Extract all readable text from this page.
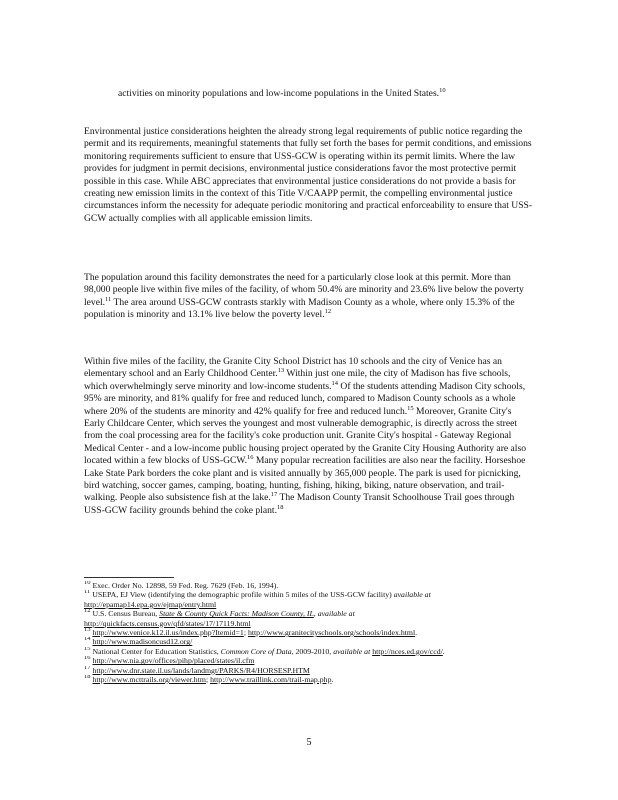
activities on minority populations and low-income populations in the United States.$^{10}$

Environmental justice considerations heighten the already strong legal requirements of public notice regarding the permit and its requirements, meaningful statements that fully set forth the bases for permit conditions, and emissions monitoring requirements sufficient to ensure that USS-GCW is operating within its permit limits. Where the law provides for judgment in permit decisions, environmental justice considerations favor the most protective permit possible in this case. While ABC appreciates that environmental justice considerations do not provide a basis for creating new emission limits in the context of this Title V/CAAPP permit, the compelling environmental justice circumstances inform the necessity for adequate periodic monitoring and practical enforceability to ensure that USS-GCW actually complies with all applicable emission limits.

The population around this facility demonstrates the need for a particularly close look at this permit. More than 98,000 people live within five miles of the facility, of whom 50.4% are minority and 23.6% live below the poverty level.$^{11}$ The area around USS-GCW contrasts starkly with Madison County as a whole, where only 15.3% of the population is minority and 13.1% live below the poverty level.$^{12}$

Within five miles of the facility, the Granite City School District has 10 schools and the city of Venice has an elementary school and an Early Childhood Center.$^{13}$ Within just one mile, the city of Madison has five schools, which overwhelmingly serve minority and low-income students.$^{14}$ Of the students attending Madison City schools, 95% are minority, and 81% qualify for free and reduced lunch, compared to Madison County schools as a whole where 20% of the students are minority and 42% qualify for free and reduced lunch.$^{15}$ Moreover, Granite City's Early Childcare Center, which serves the youngest and most vulnerable demographic, is directly across the street from the coal processing area for the facility's coke production unit. Granite City's hospital - Gateway Regional Medical Center - and a low-income public housing project operated by the Granite City Housing Authority are also located within a few blocks of USS-GCW.$^{16}$ Many popular recreation facilities are also near the facility. Horseshoe Lake State Park borders the coke plant and is visited annually by 365,000 people. The park is used for picnicking, bird watching, soccer games, camping, boating, hunting, fishing, hiking, biking, nature observation, and trail-walking. People also subsistence fish at the lake.$^{17}$ The Madison County Transit Schoolhouse Trail goes through USS-GCW facility grounds behind the coke plant.$^{18}$

$^{10}$ Exec. Order No. 12898, 59 Fed. Reg. 7629 (Feb. 16, 1994).
$^{11}$ USEPA, EJ View (identifying the demographic profile within 5 miles of the USS-GCW facility) available at
http://epamap14.epa.gov/ejmap/entry.html
$^{12}$ U.S. Census Bureau, State & County Quick Facts: Madison County, IL, available at
http://quickfacts.census.gov/qfd/states/17/17119.html
$^{13}$ http://www.venice.k12.il.us/index.php?Itemid=1; http://www.granitecityschools.org/schools/index.html.
$^{14}$ http://www.madisoncusd12.org/
$^{15}$ National Center for Education Statistics, Common Core of Data, 2009-2010, available at http://nces.ed.gov/ccd/.
$^{16}$ http://www.nia.gov/offices/pihp/placed/states/il.cfm
$^{17}$ http://www.dnr.state.il.us/lands/landmgt/PARKS/R4/HORSESP.HTM
$^{18}$ http://www.mcttrails.org/viewer.htm; http://www.traillink.com/trail-map.php.
5
